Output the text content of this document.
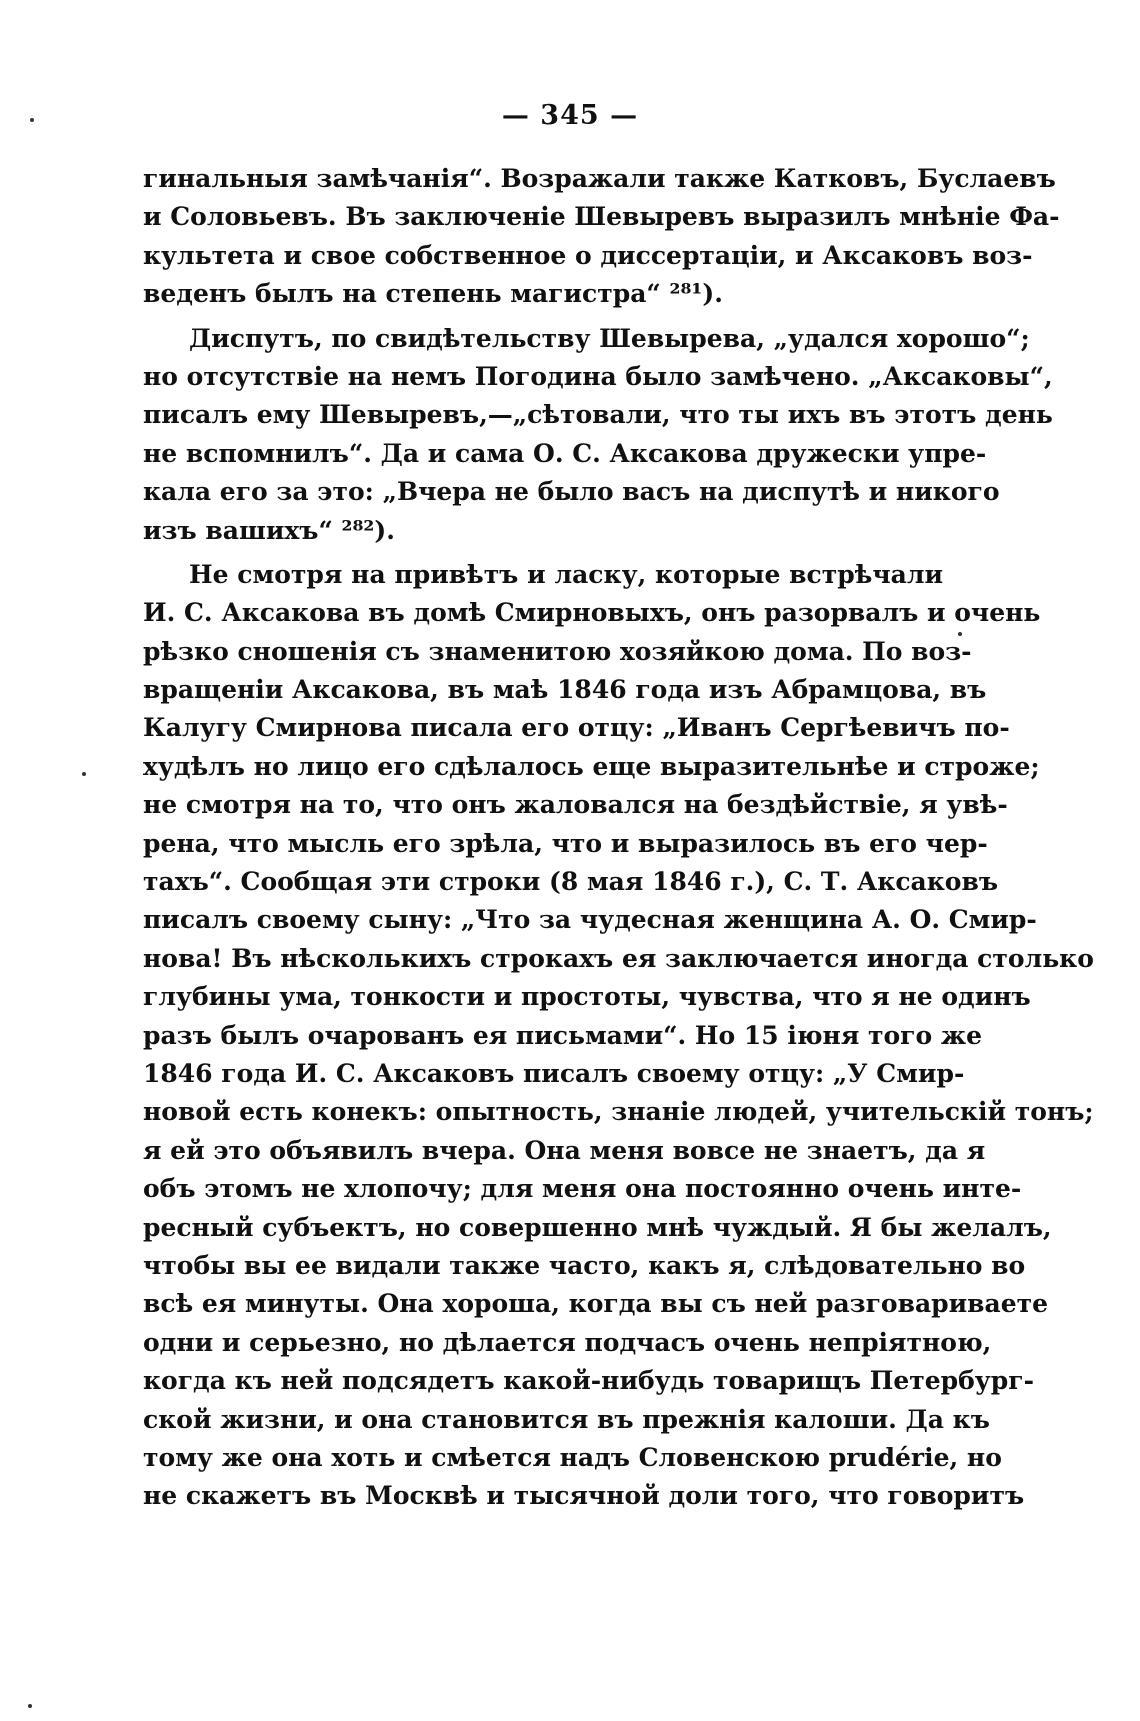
— 345 —
гинальныя замѣчанія“. Возражали также Катковъ, Буслаевъ
и Соловьевъ. Въ заключеніе Шевыревъ выразилъ мнѣніе Фа-
культета и свое собственное о диссертаціи, и Аксаковъ воз-
веденъ былъ на степень магистра“ ²⁸¹).
Диспутъ, по свидѣтельству Шевырева, „удался хорошо“;
но отсутствіе на немъ Погодина было замѣчено. „Аксаковы“,
писалъ ему Шевыревъ,—„сѣтовали, что ты ихъ въ этотъ день
не вспомнилъ“. Да и сама О. С. Аксакова дружески упре-
кала его за это: „Вчера не было васъ на диспутѣ и никого
изъ вашихъ“ ²⁸²).
Не смотря на привѣтъ и ласку, которые встрѣчали
И. С. Аксакова въ домѣ Смирновыхъ, онъ разорвалъ и очень
рѣзко сношенія съ знаменитою хозяйкою дома. По воз-
вращеніи Аксакова, въ маѣ 1846 года изъ Абрамцова, въ
Калугу Смирнова писала его отцу: „Иванъ Сергѣевичъ по-
худѣлъ но лицо его сдѣлалось еще выразительнѣе и строже;
не смотря на то, что онъ жаловался на бездѣйствіе, я увѣ-
рена, что мысль его зрѣла, что и выразилось въ его чер-
тахъ“. Сообщая эти строки (8 мая 1846 г.), С. Т. Аксаковъ
писалъ своему сыну: „Что за чудесная женщина А. О. Смир-
нова! Въ нѣсколькихъ строкахъ ея заключается иногда столько
глубины ума, тонкости и простоты, чувства, что я не одинъ
разъ былъ очарованъ ея письмами“. Но 15 іюня того же
1846 года И. С. Аксаковъ писалъ своему отцу: „У Смир-
новой есть конекъ: опытность, знаніе людей, учительскій тонъ;
я ей это объявилъ вчера. Она меня вовсе не знаетъ, да я
объ этомъ не хлопочу; для меня она постоянно очень инте-
ресный субъектъ, но совершенно мнѣ чуждый. Я бы желалъ,
чтобы вы ее видали также часто, какъ я, слѣдовательно во
всѣ ея минуты. Она хороша, когда вы съ ней разговариваете
одни и серьезно, но дѣлается подчасъ очень непріятною,
когда къ ней подсядетъ какой-нибудь товарищъ Петербург-
ской жизни, и она становится въ прежнія калоши. Да къ
тому же она хоть и смѣется надъ Словенскою prudérie, но
не скажетъ въ Москвѣ и тысячной доли того, что говоритъ
